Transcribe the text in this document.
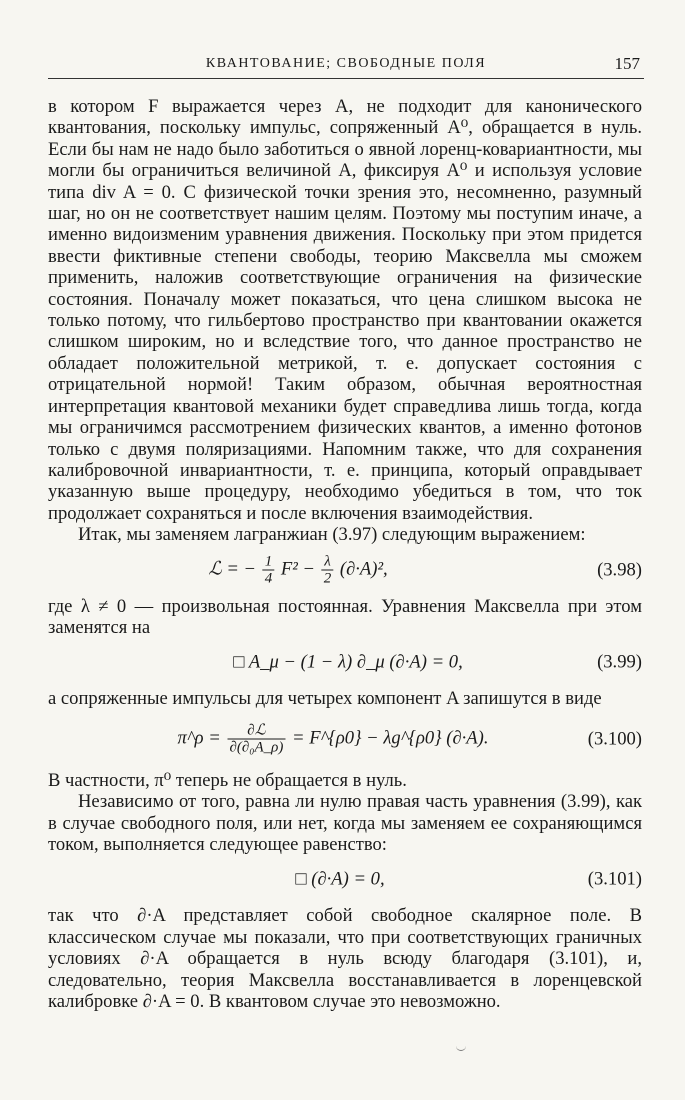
КВАНТОВАНИЕ; СВОБОДНЫЕ ПОЛЯ	157

в котором F выражается через A, не подходит для канонического квантования, поскольку импульс, сопряженный A⁰, обращается в нуль. Если бы нам не надо было заботиться о явной лоренц-ковариантности, мы могли бы ограничиться величиной A, фиксируя A⁰ и используя условие типа div A = 0. С физической точки зрения это, несомненно, разумный шаг, но он не соответствует нашим целям. Поэтому мы поступим иначе, а именно видоизменим уравнения движения. Поскольку при этом придется ввести фиктивные степени свободы, теорию Максвелла мы сможем применить, наложив соответствующие ограничения на физические состояния. Поначалу может показаться, что цена слишком высока не только потому, что гильбертово пространство при квантовании окажется слишком широким, но и вследствие того, что данное пространство не обладает положительной метрикой, т. е. допускает состояния с отрицательной нормой! Таким образом, обычная вероятностная интерпретация квантовой механики будет справедлива лишь тогда, когда мы ограничимся рассмотрением физических квантов, а именно фотонов только с двумя поляризациями. Напомним также, что для сохранения калибровочной инвариантности, т. е. принципа, который оправдывает указанную выше процедуру, необходимо убедиться в том, что ток продолжает сохраняться и после включения взаимодействия.

Итак, мы заменяем лагранжиан (3.97) следующим выражением:

ℒ = − $\frac{1}{4} F^2 - \frac{\lambda}{2} (\partial\cdot A)^2$,	(3.98)

где λ ≠ 0 — произвольная постоянная. Уравнения Максвелла при этом заменятся на

□ A_μ − (1 − λ) ∂_μ (∂·A) = 0,	(3.99)

а сопряженные импульсы для четырех компонент A запишутся в виде

π^ρ = $\frac{\text{∂ℒ}}{\text{∂(∂₀A\_ρ)}}$ = F^{ρ0} − λg^{ρ0} (∂·A).	(3.100)

В частности, π⁰ теперь не обращается в нуль.

Независимо от того, равна ли нулю правая часть уравнения (3.99), как в случае свободного поля, или нет, когда мы заменяем ее сохраняющимся током, выполняется следующее равенство:

□ (∂·A) = 0,	(3.101)

так что ∂·A представляет собой свободное скалярное поле. В классическом случае мы показали, что при соответствующих граничных условиях ∂·A обращается в нуль всюду благодаря (3.101), и, следовательно, теория Максвелла восстанавливается в лоренцевской калибровке ∂·A = 0. В квантовом случае это невозможно.
